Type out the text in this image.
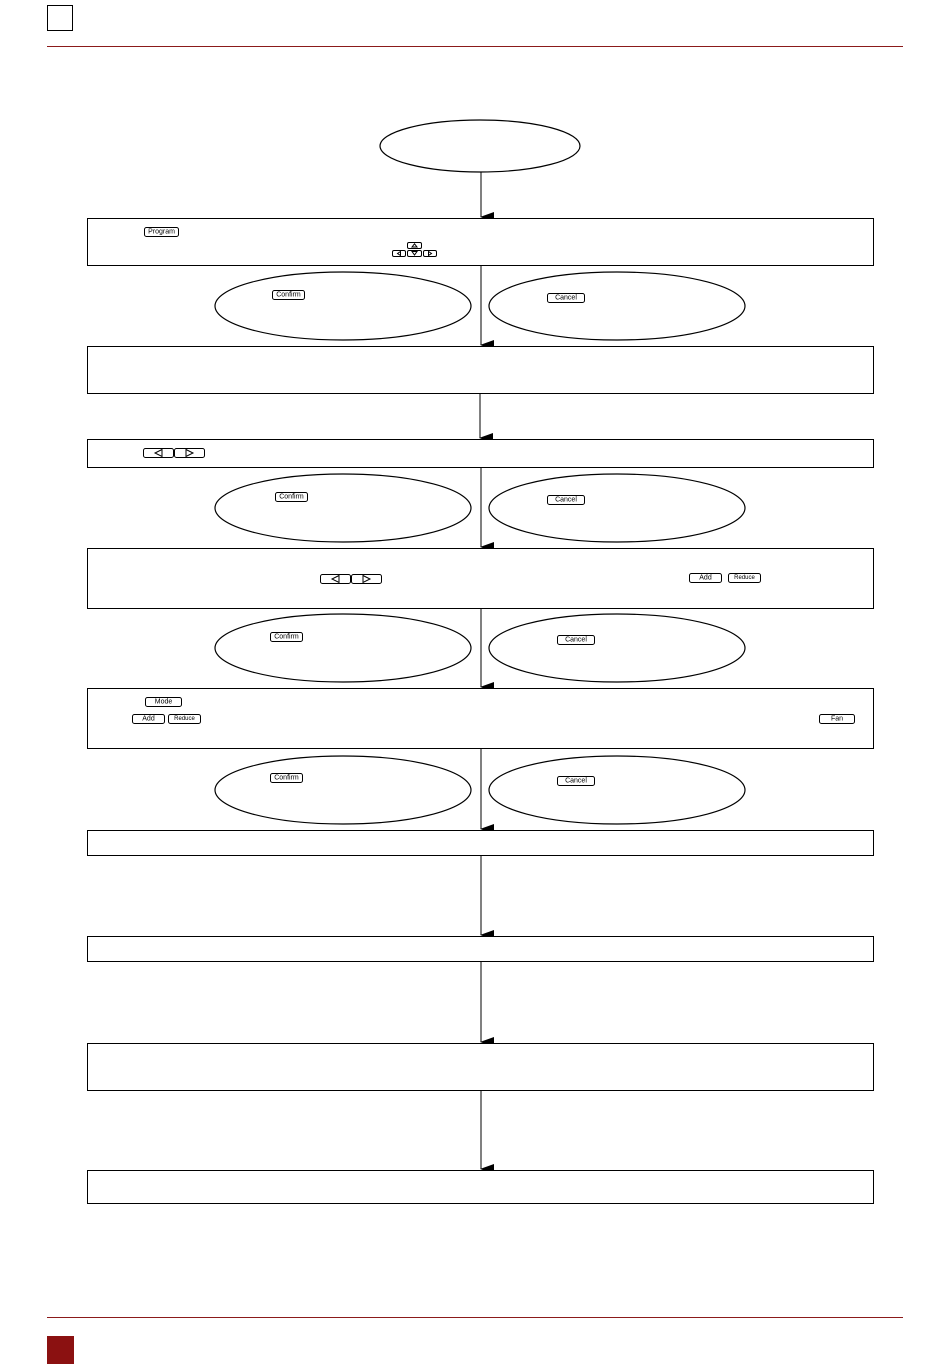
Program
Confirm	Cancel
Confirm	Cancel
Add	Reduce
Confirm	Cancel
Mode
Add	Reduce	Fan
Confirm	Cancel
